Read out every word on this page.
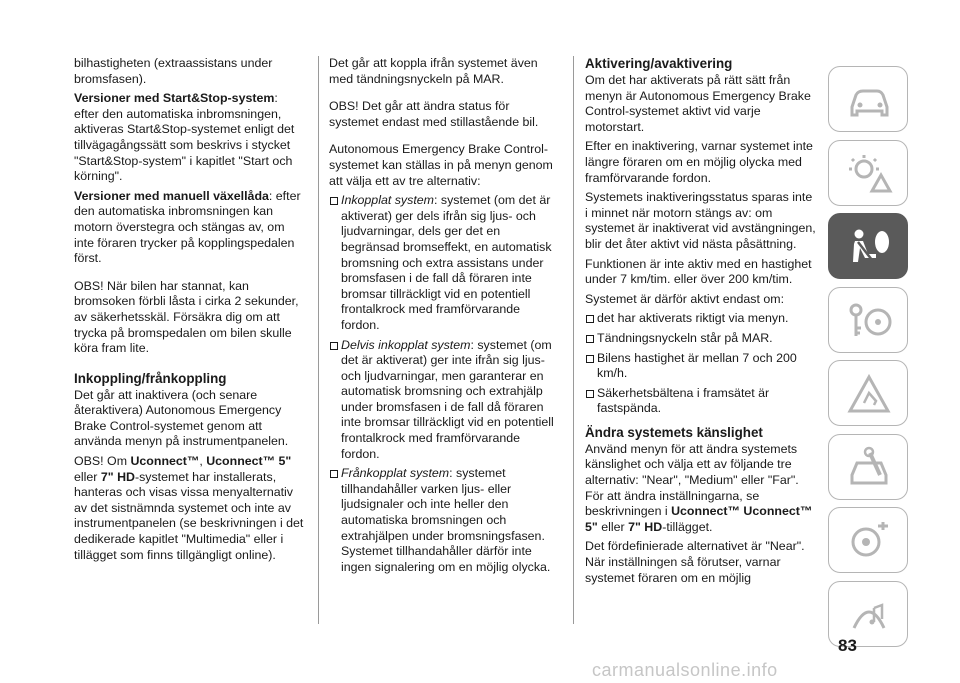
bilhastigheten (extraassistans under bromsfasen).

Versioner med Start&Stop-system: efter den automatiska inbromsningen, aktiveras Start&Stop-systemet enligt det tillvägagångssätt som beskrivs i stycket "Start&Stop-system" i kapitlet "Start och körning".

Versioner med manuell växellåda: efter den automatiska inbromsningen kan motorn överstegra och stängas av, om inte föraren trycker på kopplingspedalen först.

OBS! När bilen har stannat, kan bromsoken förbli låsta i cirka 2 sekunder, av säkerhetsskäl. Försäkra dig om att trycka på bromspedalen om bilen skulle köra fram lite.

Inkoppling/frånkoppling

Det går att inaktivera (och senare återaktivera) Autonomous Emergency Brake Control-systemet genom att använda menyn på instrumentpanelen.

OBS! Om Uconnect™, Uconnect™ 5" eller 7" HD-systemet har installerats, hanteras och visas vissa menyalternativ av det sistnämnda systemet och inte av instrumentpanelen (se beskrivningen i det dedikerade kapitlet "Multimedia" eller i tillägget som finns tillgängligt online).

Det går att koppla ifrån systemet även med tändningsnyckeln på MAR.

OBS! Det går att ändra status för systemet endast med stillastående bil.

Autonomous Emergency Brake Control-systemet kan ställas in på menyn genom att välja ett av tre alternativ:

Inkopplat system: systemet (om det är aktiverat) ger dels ifrån sig ljus- och ljudvarningar, dels ger det en begränsad bromseffekt, en automatisk bromsning och extra assistans under bromsfasen i de fall då föraren inte bromsar tillräckligt vid en potentiell frontalkrock med framförvarande fordon.

Delvis inkopplat system: systemet (om det är aktiverat) ger inte ifrån sig ljus- och ljudvarningar, men garanterar en automatisk bromsning och extrahjälp under bromsfasen i de fall då föraren inte bromsar tillräckligt vid en potentiell frontalkrock med framförvarande fordon.

Frånkopplat system: systemet tillhandahåller varken ljus- eller ljudsignaler och inte heller den automatiska bromsningen och extrahjälpen under bromsningsfasen. Systemet tillhandahåller därför inte ingen signalering om en möjlig olycka.

Aktivering/avaktivering

Om det har aktiverats på rätt sätt från menyn är Autonomous Emergency Brake Control-systemet aktivt vid varje motorstart.

Efter en inaktivering, varnar systemet inte längre föraren om en möjlig olycka med framförvarande fordon.

Systemets inaktiveringsstatus sparas inte i minnet när motorn stängs av: om systemet är inaktiverat vid avstängningen, blir det åter aktivt vid nästa påsättning.

Funktionen är inte aktiv med en hastighet under 7 km/tim. eller över 200 km/tim.

Systemet är därför aktivt endast om:

det har aktiverats riktigt via menyn.

Tändningsnyckeln står på MAR.

Bilens hastighet är mellan 7 och 200 km/h.

Säkerhetsbältena i framsätet är fastspända.

Ändra systemets känslighet

Använd menyn för att ändra systemets känslighet och välja ett av följande tre alternativ: "Near", "Medium" eller "Far". För att ändra inställningarna, se beskrivningen i Uconnect™ Uconnect™ 5" eller 7" HD-tillägget.

Det fördefinierade alternativet är "Near". När inställningen så förutser, varnar systemet föraren om en möjlig

83
carmanualsonline.info
